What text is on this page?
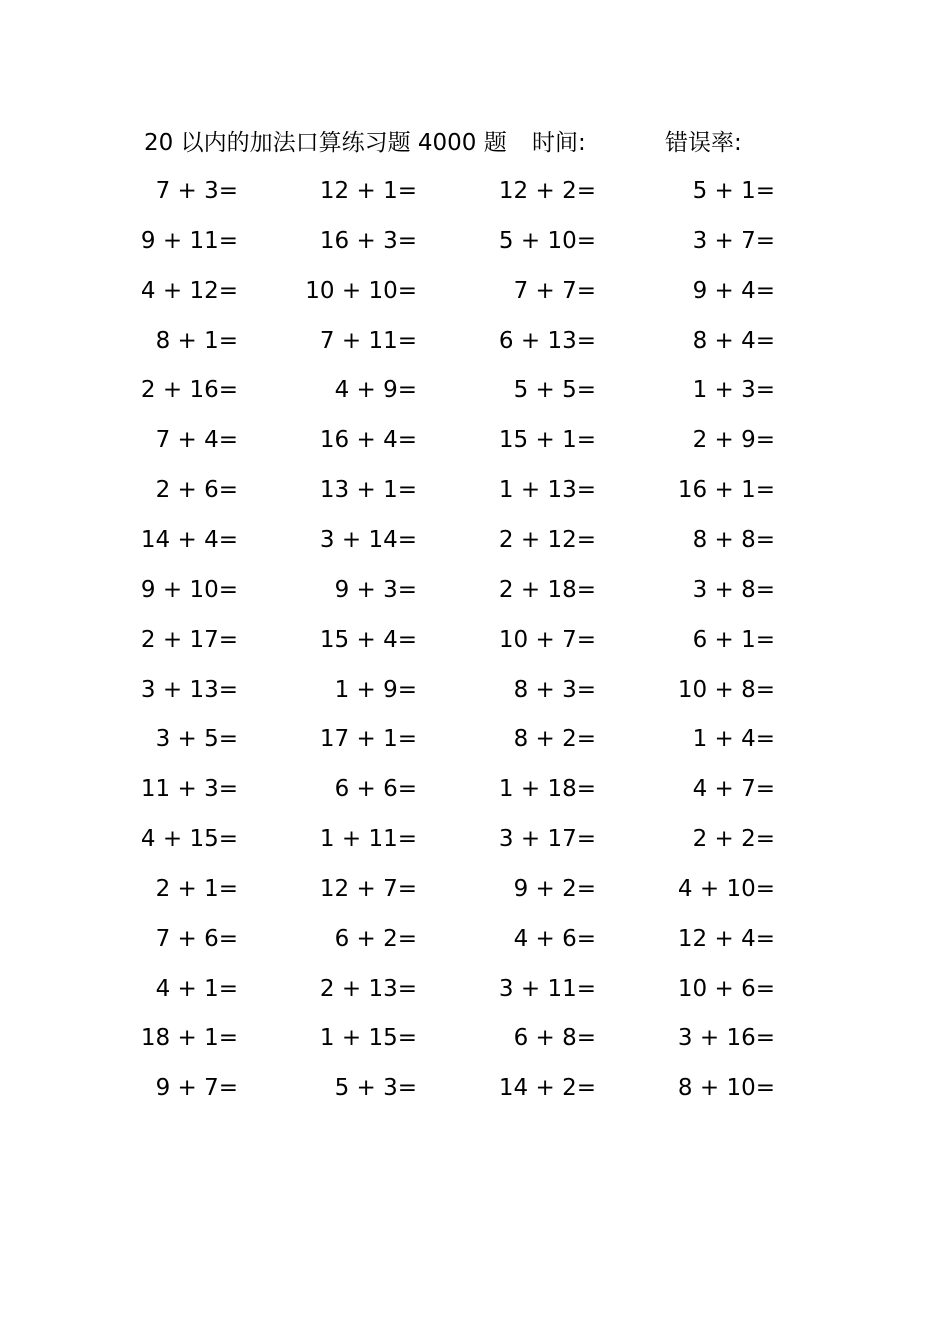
20 以内的加法口算练习题 4000 题 时间:	错误率:
7 + 3=
9 + 11=
4 + 12=
8 + 1=
2 + 16=
7 + 4=
2 + 6=
14 + 4=
9 + 10=
2 + 17=
3 + 13=
3 + 5=
11 + 3=
4 + 15=
2 + 1=
7 + 6=
4 + 1=
18 + 1=
9 + 7=
12 + 1=
16 + 3=
10 + 10=
7 + 11=
4 + 9=
16 + 4=
13 + 1=
3 + 14=
9 + 3=
15 + 4=
1 + 9=
17 + 1=
6 + 6=
1 + 11=
12 + 7=
6 + 2=
2 + 13=
1 + 15=
5 + 3=
12 + 2=
5 + 10=
7 + 7=
6 + 13=
5 + 5=
15 + 1=
1 + 13=
2 + 12=
2 + 18=
10 + 7=
8 + 3=
8 + 2=
1 + 18=
3 + 17=
9 + 2=
4 + 6=
3 + 11=
6 + 8=
14 + 2=
5 + 1=
3 + 7=
9 + 4=
8 + 4=
1 + 3=
2 + 9=
16 + 1=
8 + 8=
3 + 8=
6 + 1=
10 + 8=
1 + 4=
4 + 7=
2 + 2=
4 + 10=
12 + 4=
10 + 6=
3 + 16=
8 + 10=
